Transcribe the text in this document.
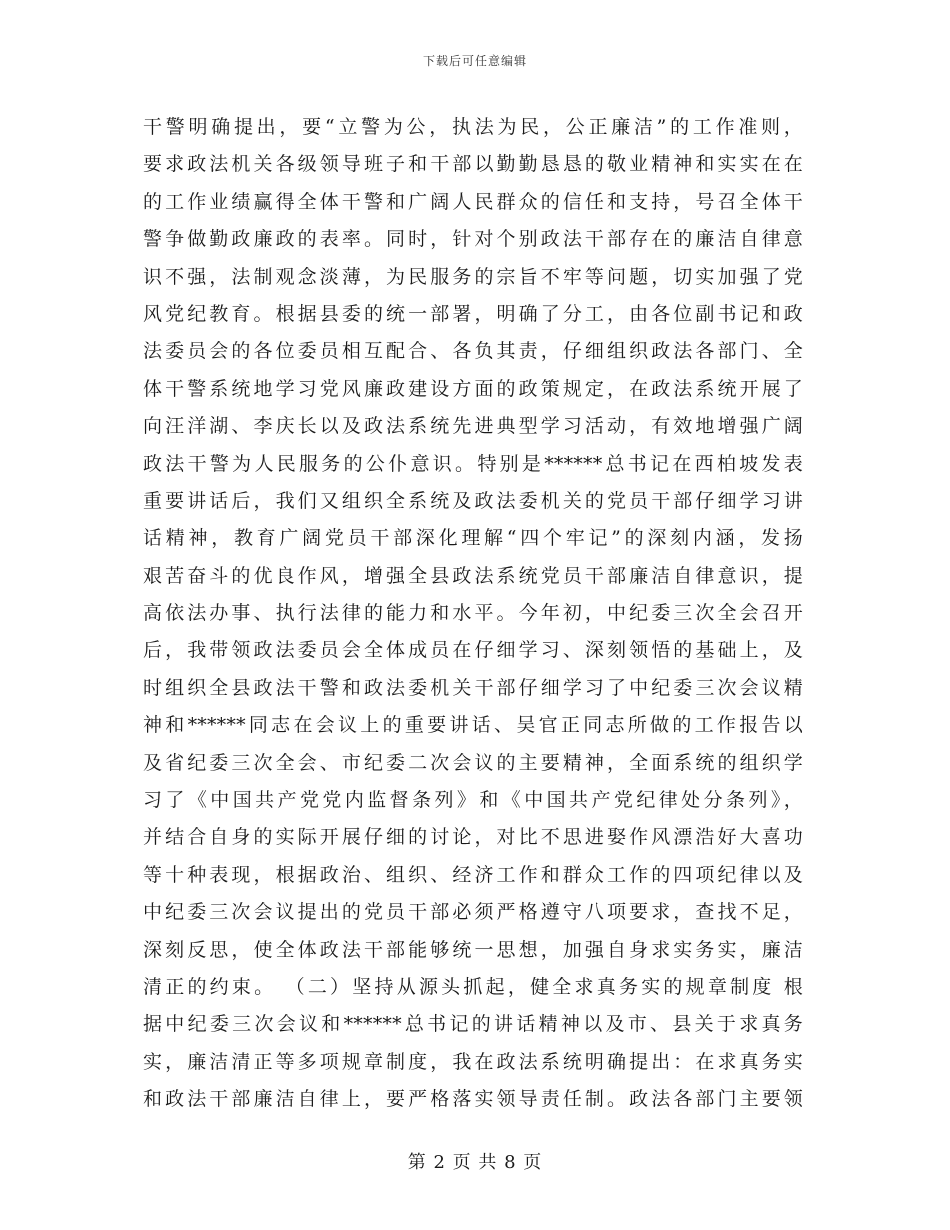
下载后可任意编辑
干警明确提出，要“立警为公，执法为民，公正廉洁”的工作准则，
要求政法机关各级领导班子和干部以勤勤恳恳的敬业精神和实实在在
的工作业绩赢得全体干警和广阔人民群众的信任和支持，号召全体干
警争做勤政廉政的表率。同时，针对个别政法干部存在的廉洁自律意
识不强，法制观念淡薄，为民服务的宗旨不牢等问题，切实加强了党
风党纪教育。根据县委的统一部署，明确了分工，由各位副书记和政
法委员会的各位委员相互配合、各负其责，仔细组织政法各部门、全
体干警系统地学习党风廉政建设方面的政策规定，在政法系统开展了
向汪洋湖、李庆长以及政法系统先进典型学习活动，有效地增强广阔
政法干警为人民服务的公仆意识。特别是******总书记在西柏坡发表
重要讲话后，我们又组织全系统及政法委机关的党员干部仔细学习讲
话精神，教育广阔党员干部深化理解“四个牢记”的深刻内涵，发扬
艰苦奋斗的优良作风，增强全县政法系统党员干部廉洁自律意识，提
高依法办事、执行法律的能力和水平。今年初，中纪委三次全会召开
后，我带领政法委员会全体成员在仔细学习、深刻领悟的基础上，及
时组织全县政法干警和政法委机关干部仔细学习了中纪委三次会议精
神和******同志在会议上的重要讲话、吴官正同志所做的工作报告以
及省纪委三次全会、市纪委二次会议的主要精神，全面系统的组织学
习了《中国共产党党内监督条列》和《中国共产党纪律处分条列》，
并结合自身的实际开展仔细的讨论，对比不思进娶作风漂浩好大喜功
等十种表现，根据政治、组织、经济工作和群众工作的四项纪律以及
中纪委三次会议提出的党员干部必须严格遵守八项要求，查找不足，
深刻反思，使全体政法干部能够统一思想，加强自身求实务实，廉洁
清正的约束。 （二）坚持从源头抓起，健全求真务实的规章制度 根
据中纪委三次会议和******总书记的讲话精神以及市、县关于求真务
实，廉洁清正等多项规章制度，我在政法系统明确提出：在求真务实
和政法干部廉洁自律上，要严格落实领导责任制。政法各部门主要领
第 2 页 共 8 页
